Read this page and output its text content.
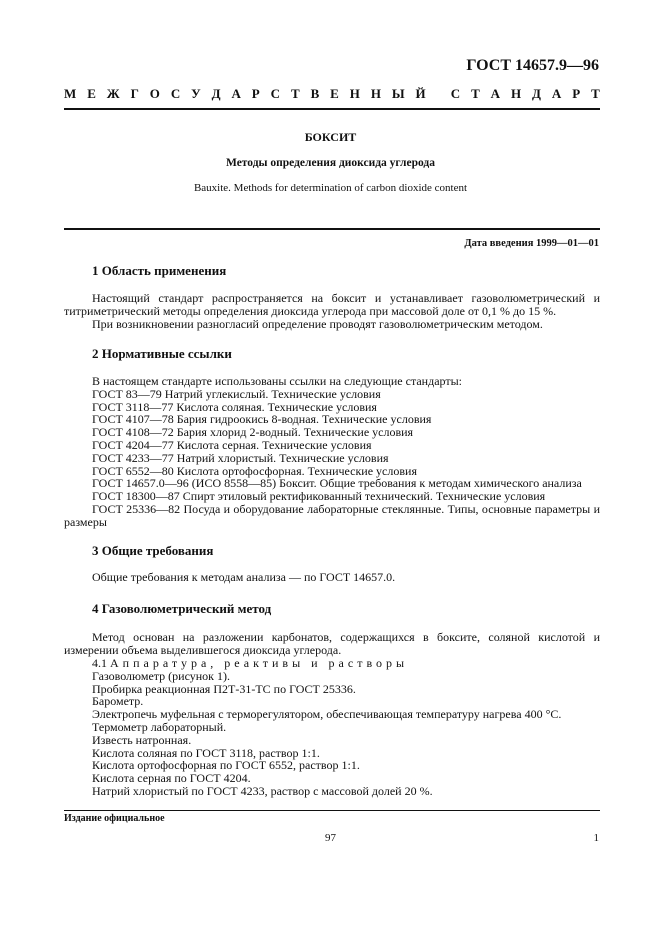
ГОСТ 14657.9—96
М Е Ж Г О С У Д А Р С Т В Е Н Н Ы Й
С Т А Н Д А Р Т
БОКСИТ
Методы определения диоксида углерода
Bauxite. Methods for determination of carbon dioxide content
Дата введения 1999—01—01
1 Область применения

Настоящий стандарт распространяется на боксит и устанавливает газоволюметрический и титриметрический методы определения диоксида углерода при массовой доле от 0,1 % до 15 %.

При возникновении разногласий определение проводят газоволюметрическим методом.

2 Нормативные ссылки
В настоящем стандарте использованы ссылки на следующие стандарты:
ГОСТ 83—79 Натрий углекислый. Технические условия
ГОСТ 3118—77 Кислота соляная. Технические условия
ГОСТ 4107—78 Бария гидроокись 8-водная. Технические условия
ГОСТ 4108—72 Бария хлорид 2-водный. Технические условия
ГОСТ 4204—77 Кислота серная. Технические условия
ГОСТ 4233—77 Натрий хлористый. Технические условия
ГОСТ 6552—80 Кислота ортофосфорная. Технические условия
ГОСТ 14657.0—96 (ИСО 8558—85) Боксит. Общие требования к методам химического анализа
ГОСТ 18300—87 Спирт этиловый ректификованный технический. Технические условия
ГОСТ 25336—82 Посуда и оборудование лабораторные стеклянные. Типы, основные параметры и размеры
3 Общие требования
Общие требования к методам анализа — по ГОСТ 14657.0.
4 Газоволюметрический метод
Метод основан на разложении карбонатов, содержащихся в боксите, соляной кислотой и измерении объема выделившегося диоксида углерода.
4.1 Аппаратура, реактивы и растворы
Газоволюметр (рисунок 1).
Пробирка реакционная П2Т-31-ТС по ГОСТ 25336.
Барометр.
Электропечь муфельная с терморегулятором, обеспечивающая температуру нагрева 400 °С.
Термометр лабораторный.
Известь натронная.
Кислота соляная по ГОСТ 3118, раствор 1:1.
Кислота ортофосфорная по ГОСТ 6552, раствор 1:1.
Кислота серная по ГОСТ 4204.
Натрий хлористый по ГОСТ 4233, раствор с массовой долей 20 %.
Издание официальное
97	1
